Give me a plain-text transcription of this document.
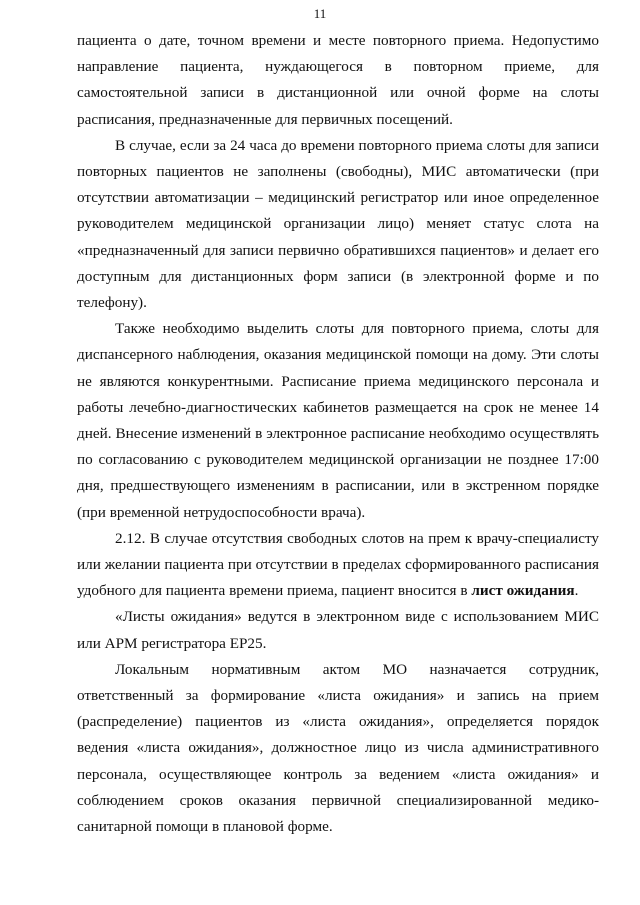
11

пациента о дате, точном времени и месте повторного приема. Недопустимо направление пациента, нуждающегося в повторном приеме, для самостоятельной записи в дистанционной или очной форме на слоты расписания, предназначенные для первичных посещений.

В случае, если за 24 часа до времени повторного приема слоты для записи повторных пациентов не заполнены (свободны), МИС автоматически (при отсутствии автоматизации – медицинский регистратор или иное определенное руководителем медицинской организации лицо) меняет статус слота на «предназначенный для записи первично обратившихся пациентов» и делает его доступным для дистанционных форм записи (в электронной форме и по телефону).

Также необходимо выделить слоты для повторного приема, слоты для диспансерного наблюдения, оказания медицинской помощи на дому. Эти слоты не являются конкурентными. Расписание приема медицинского персонала и работы лечебно-диагностических кабинетов размещается на срок не менее 14 дней. Внесение изменений в электронное расписание необходимо осуществлять по согласованию с руководителем медицинской организации не позднее 17:00 дня, предшествующего изменениям в расписании, или в экстренном порядке (при временной нетрудоспособности врача).

2.12. В случае отсутствия свободных слотов на прем к врачу-специалисту или желании пациента при отсутствии в пределах сформированного расписания удобного для пациента времени приема, пациент вносится в лист ожидания.

«Листы ожидания» ведутся в электронном виде с использованием МИС или АРМ регистратора ЕР25.

Локальным нормативным актом МО назначается сотрудник, ответственный за формирование «листа ожидания» и запись на прием (распределение) пациентов из «листа ожидания», определяется порядок ведения «листа ожидания», должностное лицо из числа административного персонала, осуществляющее контроль за ведением «листа ожидания» и соблюдением сроков оказания первичной специализированной медико-санитарной помощи в плановой форме.
